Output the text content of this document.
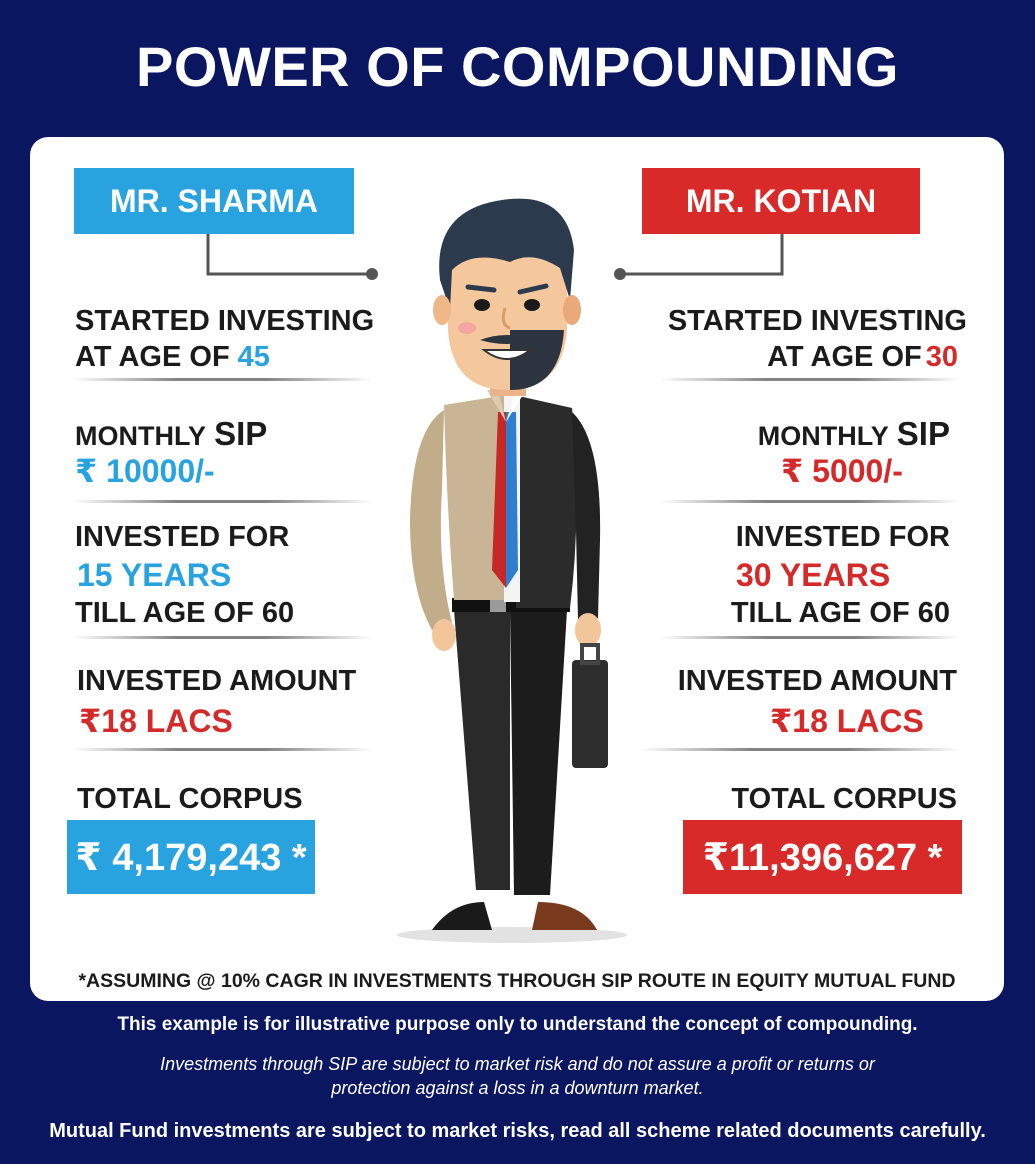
POWER OF COMPOUNDING
MR. SHARMA	MR. KOTIAN
STARTED INVESTING
AT AGE OF 45
MONTHLY SIP
₹ 10000/-
INVESTED FOR
15 YEARS
TILL AGE OF 60
INVESTED AMOUNT
₹18 LACS
TOTAL CORPUS
₹ 4,179,243 *
STARTED INVESTING
AT AGE OF 30
MONTHLY SIP
₹ 5000/-
INVESTED FOR
30 YEARS
TILL AGE OF 60
INVESTED AMOUNT
₹18 LACS
TOTAL CORPUS
₹11,396,627 *
*ASSUMING @ 10% CAGR IN INVESTMENTS THROUGH SIP ROUTE IN EQUITY MUTUAL FUND
This example is for illustrative purpose only to understand the concept of compounding.
Investments through SIP are subject to market risk and do not assure a profit or returns or
protection against a loss in a downturn market.
Mutual Fund investments are subject to market risks, read all scheme related documents carefully.
